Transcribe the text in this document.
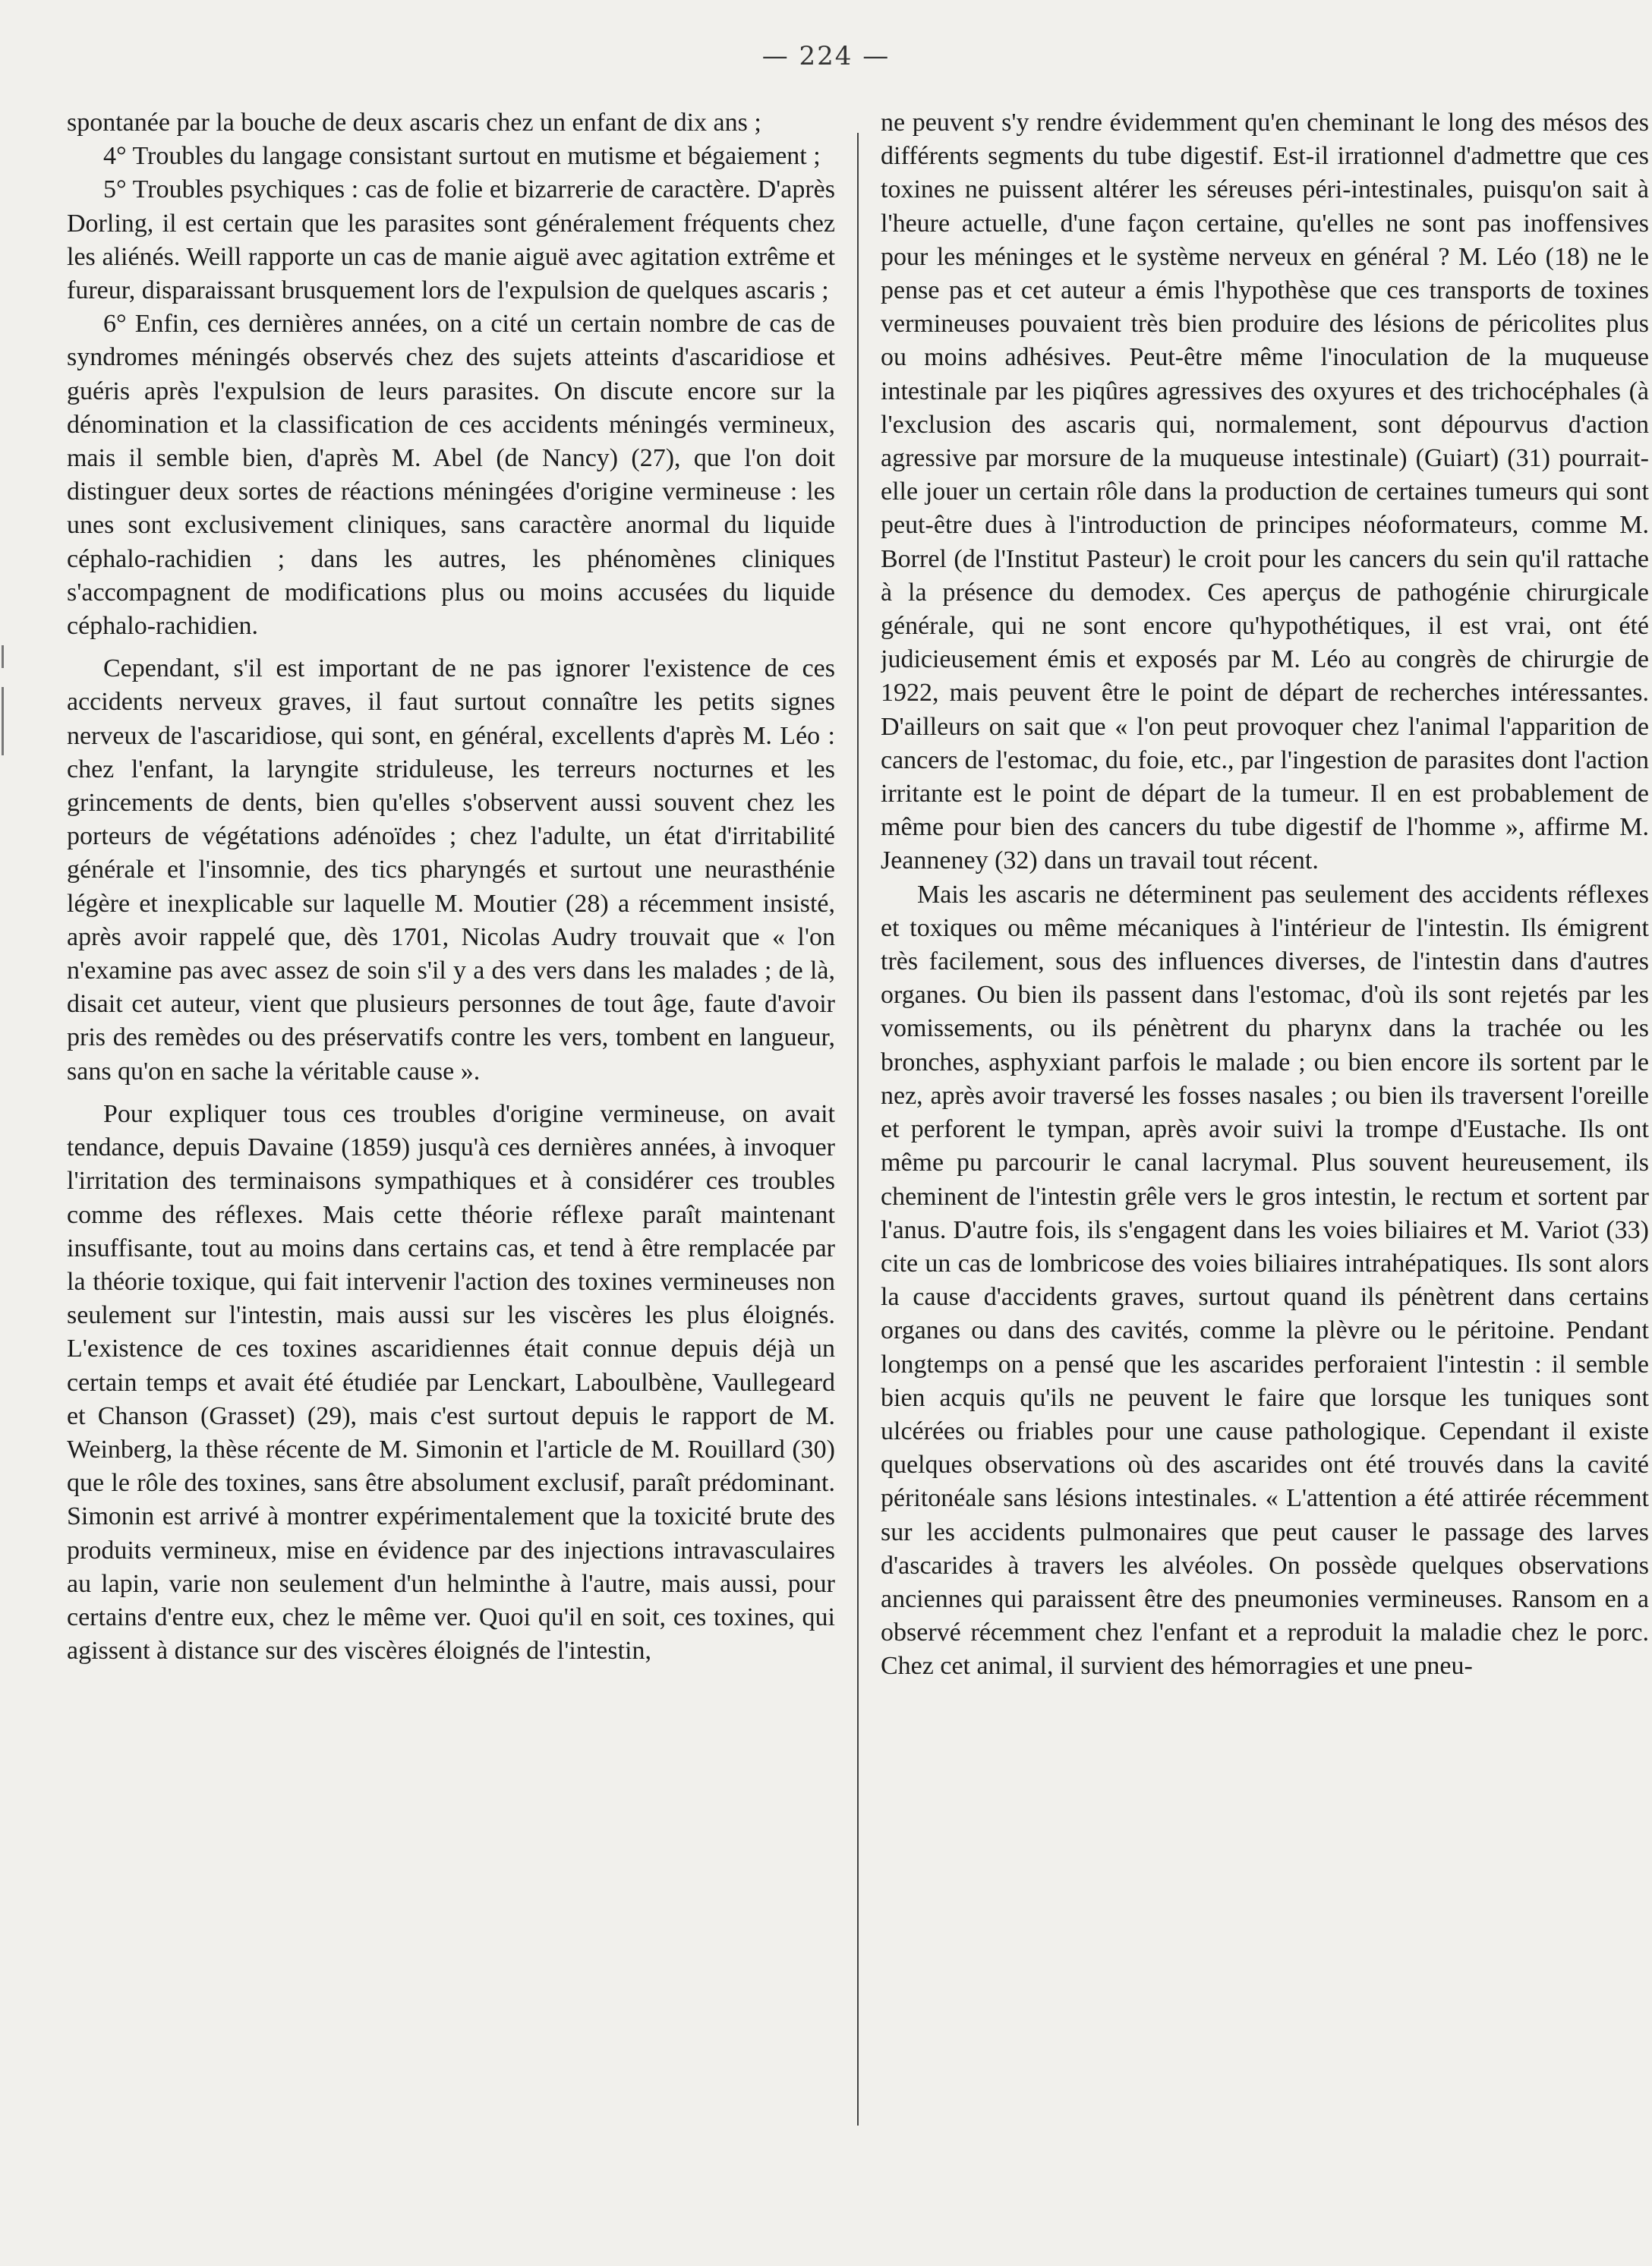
— 224 —

spontanée par la bouche de deux ascaris chez un enfant de dix ans ;

4° Troubles du langage consistant surtout en mutisme et bégaiement ;

5° Troubles psychiques : cas de folie et bizarrerie de caractère. D'après Dorling, il est certain que les parasites sont généralement fréquents chez les aliénés. Weill rapporte un cas de manie aiguë avec agitation extrême et fureur, disparaissant brusquement lors de l'expulsion de quelques ascaris ;

6° Enfin, ces dernières années, on a cité un certain nombre de cas de syndromes méningés observés chez des sujets atteints d'ascaridiose et guéris après l'expulsion de leurs parasites. On discute encore sur la dénomination et la classification de ces accidents méningés vermineux, mais il semble bien, d'après M. Abel (de Nancy) (27), que l'on doit distinguer deux sortes de réactions méningées d'origine vermineuse : les unes sont exclusivement cliniques, sans caractère anormal du liquide céphalo-rachidien ; dans les autres, les phénomènes cliniques s'accompagnent de modifications plus ou moins accusées du liquide céphalo-rachidien.

Cependant, s'il est important de ne pas ignorer l'existence de ces accidents nerveux graves, il faut surtout connaître les petits signes nerveux de l'ascaridiose, qui sont, en général, excellents d'après M. Léo : chez l'enfant, la laryngite striduleuse, les terreurs nocturnes et les grincements de dents, bien qu'elles s'observent aussi souvent chez les porteurs de végétations adénoïdes ; chez l'adulte, un état d'irritabilité générale et l'insomnie, des tics pharyngés et surtout une neurasthénie légère et inexplicable sur laquelle M. Moutier (28) a récemment insisté, après avoir rappelé que, dès 1701, Nicolas Audry trouvait que « l'on n'examine pas avec assez de soin s'il y a des vers dans les malades ; de là, disait cet auteur, vient que plusieurs personnes de tout âge, faute d'avoir pris des remèdes ou des préservatifs contre les vers, tombent en langueur, sans qu'on en sache la véritable cause ».

Pour expliquer tous ces troubles d'origine vermineuse, on avait tendance, depuis Davaine (1859) jusqu'à ces dernières années, à invoquer l'irritation des terminaisons sympathiques et à considérer ces troubles comme des réflexes. Mais cette théorie réflexe paraît maintenant insuffisante, tout au moins dans certains cas, et tend à être remplacée par la théorie toxique, qui fait intervenir l'action des toxines vermineuses non seulement sur l'intestin, mais aussi sur les viscères les plus éloignés. L'existence de ces toxines ascaridiennes était connue depuis déjà un certain temps et avait été étudiée par Lenckart, Laboulbène, Vaullegeard et Chanson (Grasset) (29), mais c'est surtout depuis le rapport de M. Weinberg, la thèse récente de M. Simonin et l'article de M. Rouillard (30) que le rôle des toxines, sans être absolument exclusif, paraît prédominant. Simonin est arrivé à montrer expérimentalement que la toxicité brute des produits vermineux, mise en évidence par des injections intravasculaires au lapin, varie non seulement d'un helminthe à l'autre, mais aussi, pour certains d'entre eux, chez le même ver. Quoi qu'il en soit, ces toxines, qui agissent à distance sur des viscères éloignés de l'intestin,

ne peuvent s'y rendre évidemment qu'en cheminant le long des mésos des différents segments du tube digestif. Est-il irrationnel d'admettre que ces toxines ne puissent altérer les séreuses péri-intestinales, puisqu'on sait à l'heure actuelle, d'une façon certaine, qu'elles ne sont pas inoffensives pour les méninges et le système nerveux en général ? M. Léo (18) ne le pense pas et cet auteur a émis l'hypothèse que ces transports de toxines vermineuses pouvaient très bien produire des lésions de péricolites plus ou moins adhésives. Peut-être même l'inoculation de la muqueuse intestinale par les piqûres agressives des oxyures et des trichocéphales (à l'exclusion des ascaris qui, normalement, sont dépourvus d'action agressive par morsure de la muqueuse intestinale) (Guiart) (31) pourrait-elle jouer un certain rôle dans la production de certaines tumeurs qui sont peut-être dues à l'introduction de principes néoformateurs, comme M. Borrel (de l'Institut Pasteur) le croit pour les cancers du sein qu'il rattache à la présence du demodex. Ces aperçus de pathogénie chirurgicale générale, qui ne sont encore qu'hypothétiques, il est vrai, ont été judicieusement émis et exposés par M. Léo au congrès de chirurgie de 1922, mais peuvent être le point de départ de recherches intéressantes. D'ailleurs on sait que « l'on peut provoquer chez l'animal l'apparition de cancers de l'estomac, du foie, etc., par l'ingestion de parasites dont l'action irritante est le point de départ de la tumeur. Il en est probablement de même pour bien des cancers du tube digestif de l'homme », affirme M. Jeanneney (32) dans un travail tout récent.

Mais les ascaris ne déterminent pas seulement des accidents réflexes et toxiques ou même mécaniques à l'intérieur de l'intestin. Ils émigrent très facilement, sous des influences diverses, de l'intestin dans d'autres organes. Ou bien ils passent dans l'estomac, d'où ils sont rejetés par les vomissements, ou ils pénètrent du pharynx dans la trachée ou les bronches, asphyxiant parfois le malade ; ou bien encore ils sortent par le nez, après avoir traversé les fosses nasales ; ou bien ils traversent l'oreille et perforent le tympan, après avoir suivi la trompe d'Eustache. Ils ont même pu parcourir le canal lacrymal. Plus souvent heureusement, ils cheminent de l'intestin grêle vers le gros intestin, le rectum et sortent par l'anus. D'autre fois, ils s'engagent dans les voies biliaires et M. Variot (33) cite un cas de lombricose des voies biliaires intrahépatiques. Ils sont alors la cause d'accidents graves, surtout quand ils pénètrent dans certains organes ou dans des cavités, comme la plèvre ou le péritoine. Pendant longtemps on a pensé que les ascarides perforaient l'intestin : il semble bien acquis qu'ils ne peuvent le faire que lorsque les tuniques sont ulcérées ou friables pour une cause pathologique. Cependant il existe quelques observations où des ascarides ont été trouvés dans la cavité péritonéale sans lésions intestinales. « L'attention a été attirée récemment sur les accidents pulmonaires que peut causer le passage des larves d'ascarides à travers les alvéoles. On possède quelques observations anciennes qui paraissent être des pneumonies vermineuses. Ransom en a observé récemment chez l'enfant et a reproduit la maladie chez le porc. Chez cet animal, il survient des hémorragies et une pneu-
